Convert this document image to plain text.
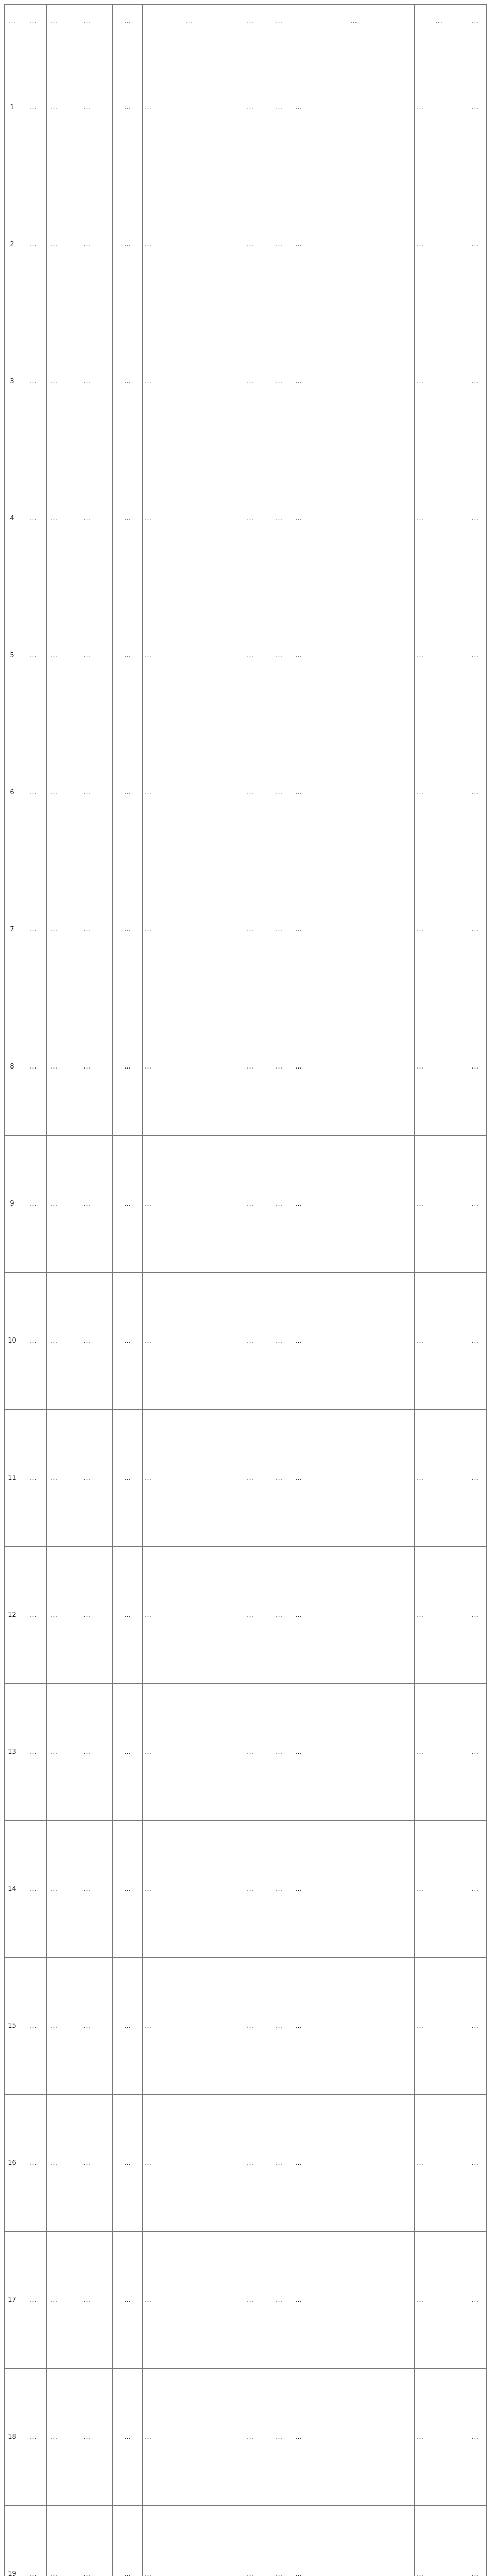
…	…	…	…	…	…	…	…	…	…	…
1	…	…	…	…	…	…	…	…	…	…
2	…	…	…	…	…	…	…	…	…	…
3	…	…	…	…	…	…	…	…	…	…
4	…	…	…	…	…	…	…	…	…	…
5	…	…	…	…	…	…	…	…	…	…
6	…	…	…	…	…	…	…	…	…	…
7	…	…	…	…	…	…	…	…	…	…
8	…	…	…	…	…	…	…	…	…	…
9	…	…	…	…	…	…	…	…	…	…
10	…	…	…	…	…	…	…	…	…	…
11	…	…	…	…	…	…	…	…	…	…
12	…	…	…	…	…	…	…	…	…	…
13	…	…	…	…	…	…	…	…	…	…
14	…	…	…	…	…	…	…	…	…	…
15	…	…	…	…	…	…	…	…	…	…
16	…	…	…	…	…	…	…	…	…	…
17	…	…	…	…	…	…	…	…	…	…
18	…	…	…	…	…	…	…	…	…	…
19	…	…	…	…	…	…	…	…	…	…
